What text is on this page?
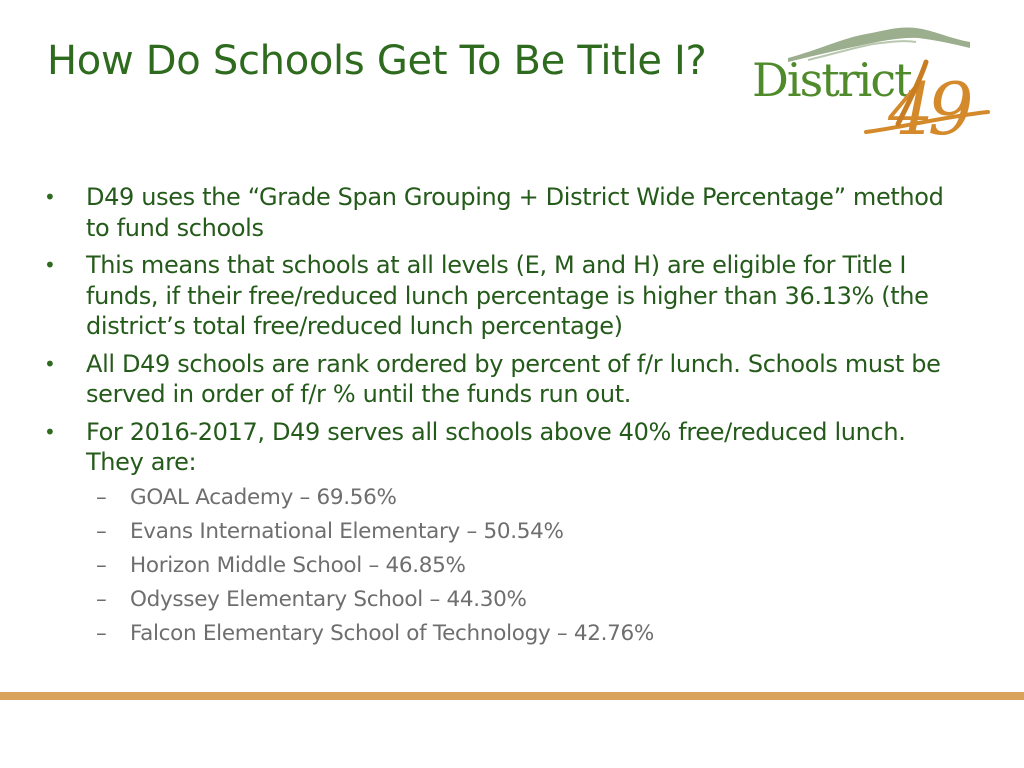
How Do Schools Get To Be Title I? District
49
•	D49 uses the “Grade Span Grouping + District Wide Percentage” method to fund schools
•	This means that schools at all levels (E, M and H) are eligible for Title I funds, if their free/reduced lunch percentage is higher than 36.13% (the district’s total free/reduced lunch percentage)
•	All D49 schools are rank ordered by percent of f/r lunch. Schools must be served in order of f/r % until the funds run out.
•	For 2016-2017, D49 serves all schools above 40% free/reduced lunch. They are:
– GOAL Academy – 69.56%
– Evans International Elementary – 50.54%
– Horizon Middle School – 46.85%
– Odyssey Elementary School – 44.30%
– Falcon Elementary School of Technology – 42.76%
